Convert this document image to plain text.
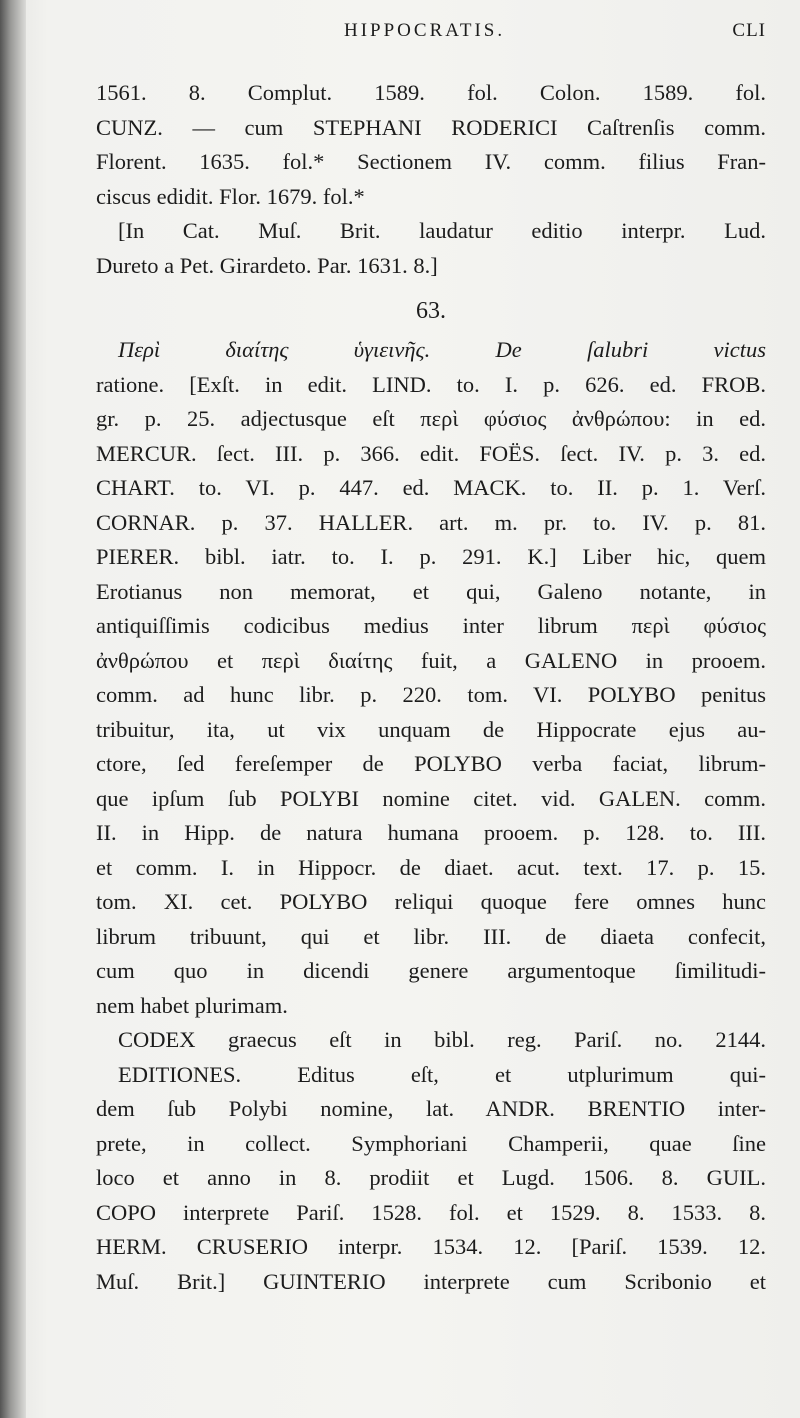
HIPPOCRATIS.	CLI
1561. 8. Complut. 1589. fol. Colon. 1589. fol.
CUNZ. — cum STEPHANI RODERICI Caſtrenſis comm.
Florent. 1635. fol.* Sectionem IV. comm. filius Fran-
ciscus edidit. Flor. 1679. fol.*
[In Cat. Muſ. Brit. laudatur editio interpr. Lud.
Dureto a Pet. Girardeto. Par. 1631. 8.]
63.
Περὶ διαίτης ὑγιεινῆς. De ſalubri victus
ratione. [Exſt. in edit. LIND. to. I. p. 626. ed. FROB.
gr. p. 25. adjectusque eſt περὶ φύσιος ἀνθρώπου: in ed.
MERCUR. ſect. III. p. 366. edit. FOËS. ſect. IV. p. 3. ed.
CHART. to. VI. p. 447. ed. MACK. to. II. p. 1. Verſ.
CORNAR. p. 37. HALLER. art. m. pr. to. IV. p. 81.
PIERER. bibl. iatr. to. I. p. 291. K.] Liber hic, quem
Erotianus non memorat, et qui, Galeno notante, in
antiquiſſimis codicibus medius inter librum περὶ φύσιος
ἀνθρώπου et περὶ διαίτης fuit, a GALENO in prooem.
comm. ad hunc libr. p. 220. tom. VI. POLYBO penitus
tribuitur, ita, ut vix unquam de Hippocrate ejus au-
ctore, ſed fereſemper de POLYBO verba faciat, librum-
que ipſum ſub POLYBI nomine citet. vid. GALEN. comm.
II. in Hipp. de natura humana prooem. p. 128. to. III.
et comm. I. in Hippocr. de diaet. acut. text. 17. p. 15.
tom. XI. cet. POLYBO reliqui quoque fere omnes hunc
librum tribuunt, qui et libr. III. de diaeta confecit,
cum quo in dicendi genere argumentoque ſimilitudi-
nem habet plurimam.
CODEX graecus eſt in bibl. reg. Pariſ. no. 2144.
EDITIONES. Editus eſt, et utplurimum qui-
dem ſub Polybi nomine, lat. ANDR. BRENTIO inter-
prete, in collect. Symphoriani Champerii, quae ſine
loco et anno in 8. prodiit et Lugd. 1506. 8. GUIL.
COPO interprete Pariſ. 1528. fol. et 1529. 8. 1533. 8.
HERM. CRUSERIO interpr. 1534. 12. [Pariſ. 1539. 12.
Muſ. Brit.] GUINTERIO interprete cum Scribonio et
